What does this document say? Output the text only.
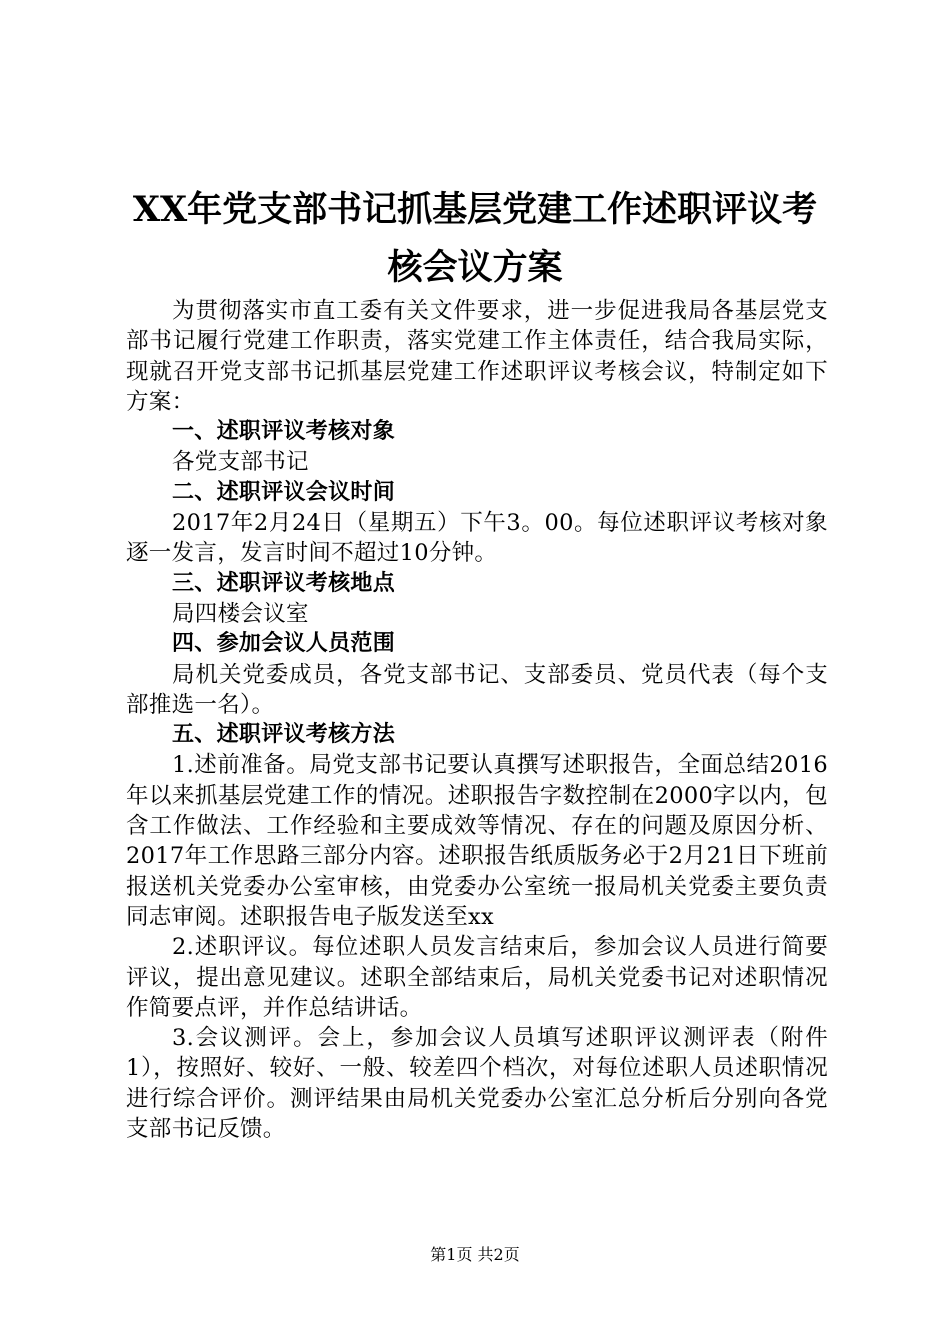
XX年党支部书记抓基层党建工作述职评议考
核会议方案

为贯彻落实市直工委有关文件要求，进一步促进我局各基层党支部书记履行党建工作职责，落实党建工作主体责任，结合我局实际，现就召开党支部书记抓基层党建工作述职评议考核会议，特制定如下方案：

一、述职评议考核对象

各党支部书记

二、述职评议会议时间

2017年2月24日（星期五）下午3。00。每位述职评议考核对象逐一发言，发言时间不超过10分钟。

三、述职评议考核地点

局四楼会议室

四、参加会议人员范围

局机关党委成员，各党支部书记、支部委员、党员代表（每个支部推选一名）。

五、述职评议考核方法

1.述前准备。局党支部书记要认真撰写述职报告，全面总结2016年以来抓基层党建工作的情况。述职报告字数控制在2000字以内，包含工作做法、工作经验和主要成效等情况、存在的问题及原因分析、2017年工作思路三部分内容。述职报告纸质版务必于2月21日下班前报送机关党委办公室审核，由党委办公室统一报局机关党委主要负责同志审阅。述职报告电子版发送至xx

2.述职评议。每位述职人员发言结束后，参加会议人员进行简要评议，提出意见建议。述职全部结束后，局机关党委书记对述职情况作简要点评，并作总结讲话。

3.会议测评。会上，参加会议人员填写述职评议测评表（附件1），按照好、较好、一般、较差四个档次，对每位述职人员述职情况进行综合评价。测评结果由局机关党委办公室汇总分析后分别向各党支部书记反馈。

第1页 共2页
